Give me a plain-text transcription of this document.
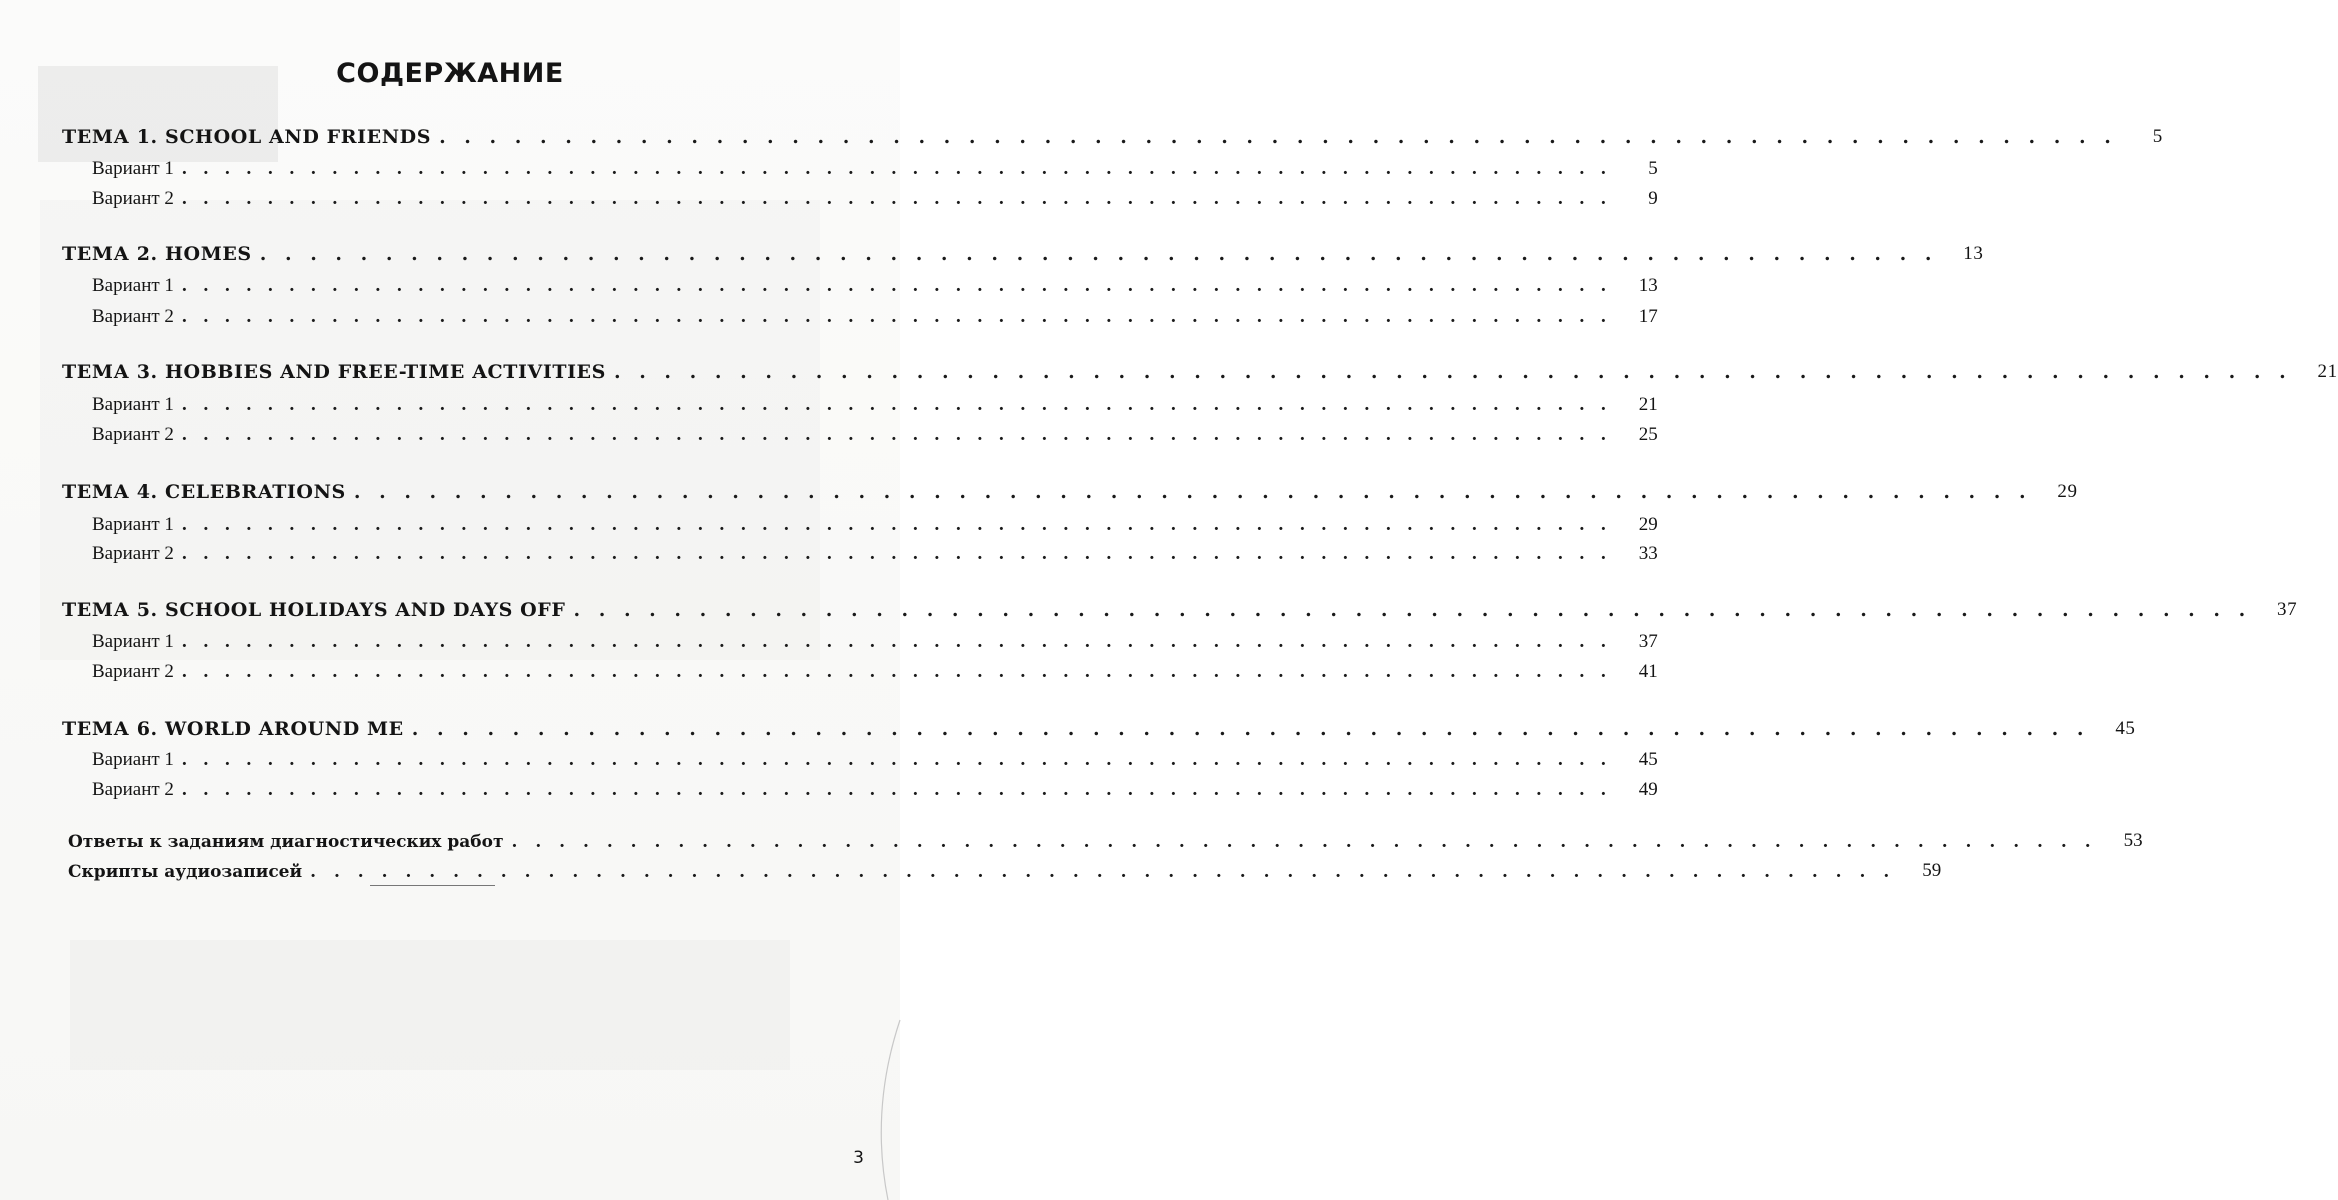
СОДЕРЖАНИЕ
ТЕМА 1. SCHOOL AND FRIENDS . . . . . . . . . . . . . . . . . . . . . . . . . . . . . . . . . . . . . . . . . . . . . . . . . . . . . . . . . . . . . . . . . . .	5
Вариант 1 . . . . . . . . . . . . . . . . . . . . . . . . . . . . . . . . . . . . . . . . . . . . . . . . . . . . . . . . . . . . . . . . . . .	5
Вариант 2 . . . . . . . . . . . . . . . . . . . . . . . . . . . . . . . . . . . . . . . . . . . . . . . . . . . . . . . . . . . . . . . . . . .	9
ТЕМА 2. HOMES . . . . . . . . . . . . . . . . . . . . . . . . . . . . . . . . . . . . . . . . . . . . . . . . . . . . . . . . . . . . . . . . . . .	13
Вариант 1 . . . . . . . . . . . . . . . . . . . . . . . . . . . . . . . . . . . . . . . . . . . . . . . . . . . . . . . . . . . . . . . . . . .	13
Вариант 2 . . . . . . . . . . . . . . . . . . . . . . . . . . . . . . . . . . . . . . . . . . . . . . . . . . . . . . . . . . . . . . . . . . .	17
ТЕМА 3. HOBBIES AND FREE-TIME ACTIVITIES . . . . . . . . . . . . . . . . . . . . . . . . . . . . . . . . . . . . . . . . . . . . . . . . . . . . . . . . . . . . . . . . . . .	21
Вариант 1 . . . . . . . . . . . . . . . . . . . . . . . . . . . . . . . . . . . . . . . . . . . . . . . . . . . . . . . . . . . . . . . . . . .	21
Вариант 2 . . . . . . . . . . . . . . . . . . . . . . . . . . . . . . . . . . . . . . . . . . . . . . . . . . . . . . . . . . . . . . . . . . .	25
ТЕМА 4. CELEBRATIONS . . . . . . . . . . . . . . . . . . . . . . . . . . . . . . . . . . . . . . . . . . . . . . . . . . . . . . . . . . . . . . . . . . .	29
Вариант 1 . . . . . . . . . . . . . . . . . . . . . . . . . . . . . . . . . . . . . . . . . . . . . . . . . . . . . . . . . . . . . . . . . . .	29
Вариант 2 . . . . . . . . . . . . . . . . . . . . . . . . . . . . . . . . . . . . . . . . . . . . . . . . . . . . . . . . . . . . . . . . . . .	33
ТЕМА 5. SCHOOL HOLIDAYS AND DAYS OFF . . . . . . . . . . . . . . . . . . . . . . . . . . . . . . . . . . . . . . . . . . . . . . . . . . . . . . . . . . . . . . . . . . .	37
Вариант 1 . . . . . . . . . . . . . . . . . . . . . . . . . . . . . . . . . . . . . . . . . . . . . . . . . . . . . . . . . . . . . . . . . . .	37
Вариант 2 . . . . . . . . . . . . . . . . . . . . . . . . . . . . . . . . . . . . . . . . . . . . . . . . . . . . . . . . . . . . . . . . . . .	41
ТЕМА 6. WORLD AROUND ME . . . . . . . . . . . . . . . . . . . . . . . . . . . . . . . . . . . . . . . . . . . . . . . . . . . . . . . . . . . . . . . . . . .	45
Вариант 1 . . . . . . . . . . . . . . . . . . . . . . . . . . . . . . . . . . . . . . . . . . . . . . . . . . . . . . . . . . . . . . . . . . .	45
Вариант 2 . . . . . . . . . . . . . . . . . . . . . . . . . . . . . . . . . . . . . . . . . . . . . . . . . . . . . . . . . . . . . . . . . . .	49
Ответы к заданиям диагностических работ . . . . . . . . . . . . . . . . . . . . . . . . . . . . . . . . . . . . . . . . . . . . . . . . . . . . . . . . . . . . . . . . . . .	53
Скрипты аудиозаписей . . . . . . . . . . . . . . . . . . . . . . . . . . . . . . . . . . . . . . . . . . . . . . . . . . . . . . . . . . . . . . . . . . .	59
3
